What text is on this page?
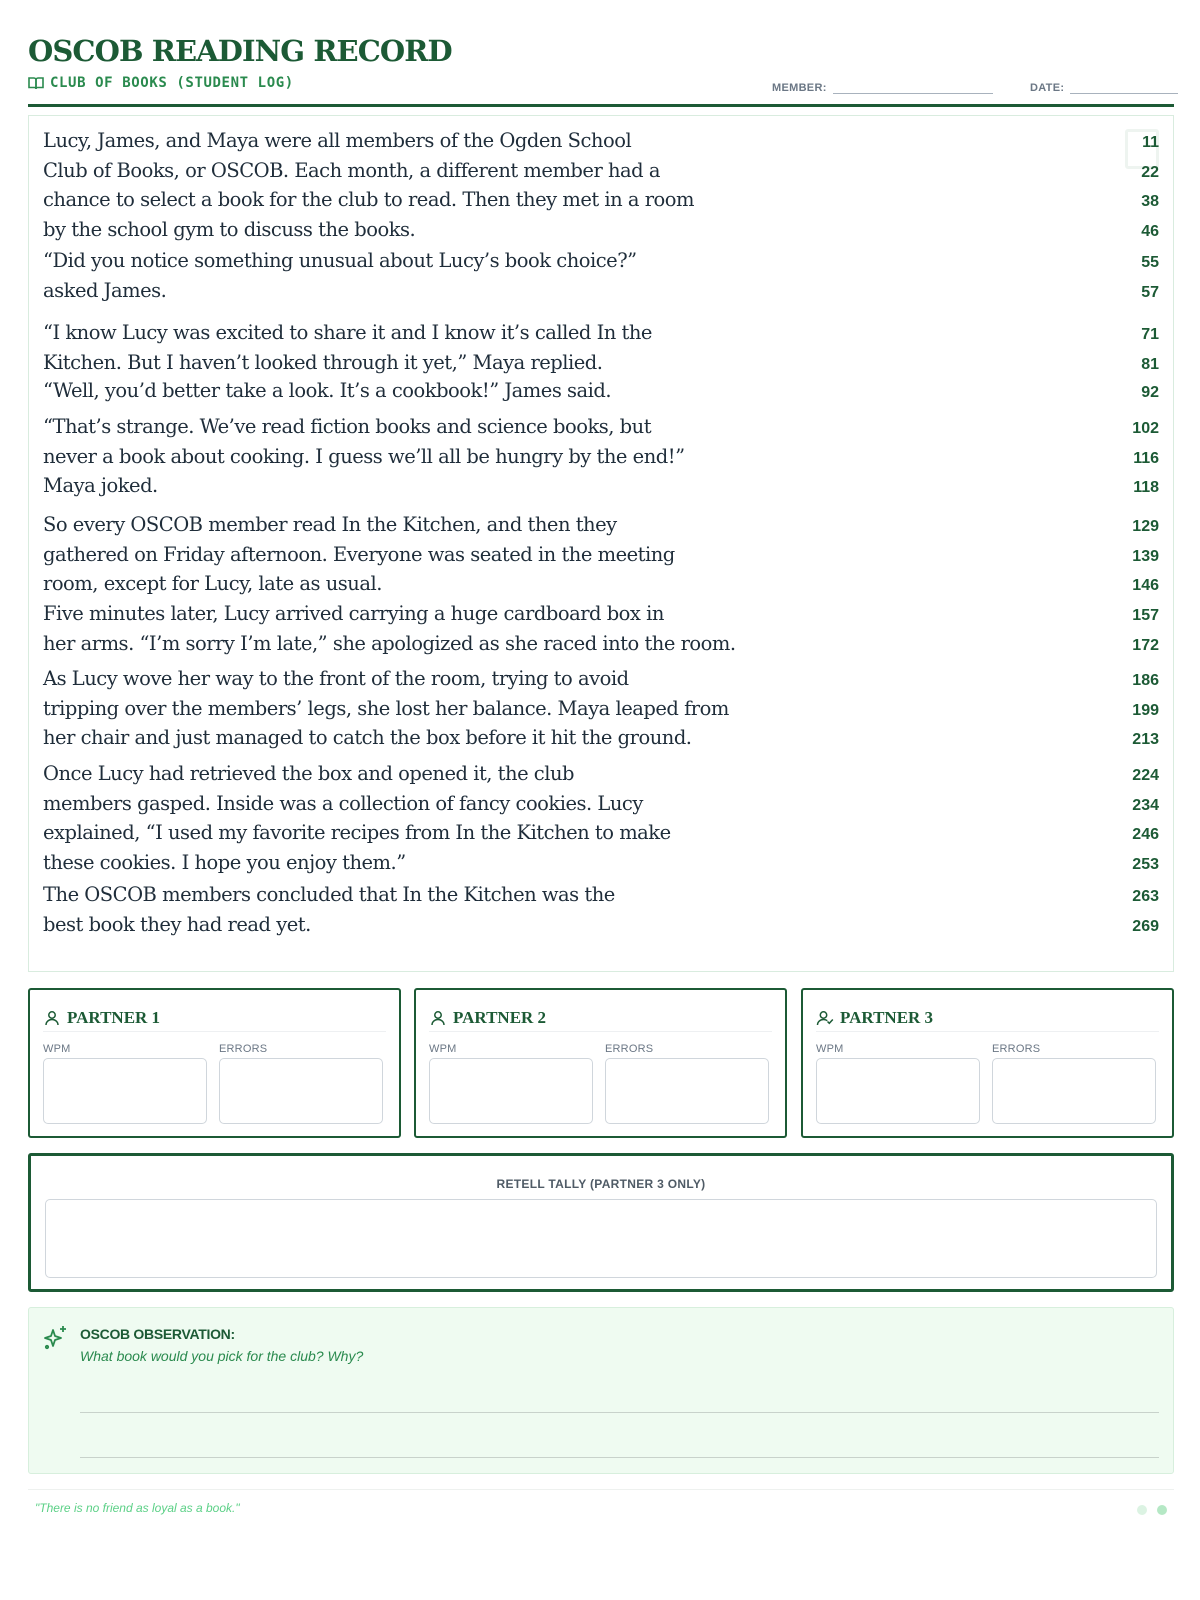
OSCOB READING RECORD
CLUB OF BOOKS (STUDENT LOG)	MEMBER:	DATE:
Lucy, James, and Maya were all members of the Ogden School	11
Club of Books, or OSCOB. Each month, a different member had a	22
chance to select a book for the club to read. Then they met in a room	38
by the school gym to discuss the books.	46
“Did you notice something unusual about Lucy’s book choice?”	55
asked James.	57
“I know Lucy was excited to share it and I know it’s called In the	71
Kitchen. But I haven’t looked through it yet,” Maya replied.	81
“Well, you’d better take a look. It’s a cookbook!” James said.	92
“That’s strange. We’ve read fiction books and science books, but	102
never a book about cooking. I guess we’ll all be hungry by the end!”	116
Maya joked.	118
So every OSCOB member read In the Kitchen, and then they	129
gathered on Friday afternoon. Everyone was seated in the meeting	139
room, except for Lucy, late as usual.	146
Five minutes later, Lucy arrived carrying a huge cardboard box in	157
her arms. “I’m sorry I’m late,” she apologized as she raced into the room.	172
As Lucy wove her way to the front of the room, trying to avoid	186
tripping over the members’ legs, she lost her balance. Maya leaped from	199
her chair and just managed to catch the box before it hit the ground.	213
Once Lucy had retrieved the box and opened it, the club	224
members gasped. Inside was a collection of fancy cookies. Lucy	234
explained, “I used my favorite recipes from In the Kitchen to make	246
these cookies. I hope you enjoy them.”	253
The OSCOB members concluded that In the Kitchen was the	263
best book they had read yet.	269
PARTNER 1
WPM	ERRORS
PARTNER 2
WPM	ERRORS
PARTNER 3
WPM	ERRORS
RETELL TALLY (PARTNER 3 ONLY)
OSCOB OBSERVATION:
What book would you pick for the club? Why?
"There is no friend as loyal as a book."
